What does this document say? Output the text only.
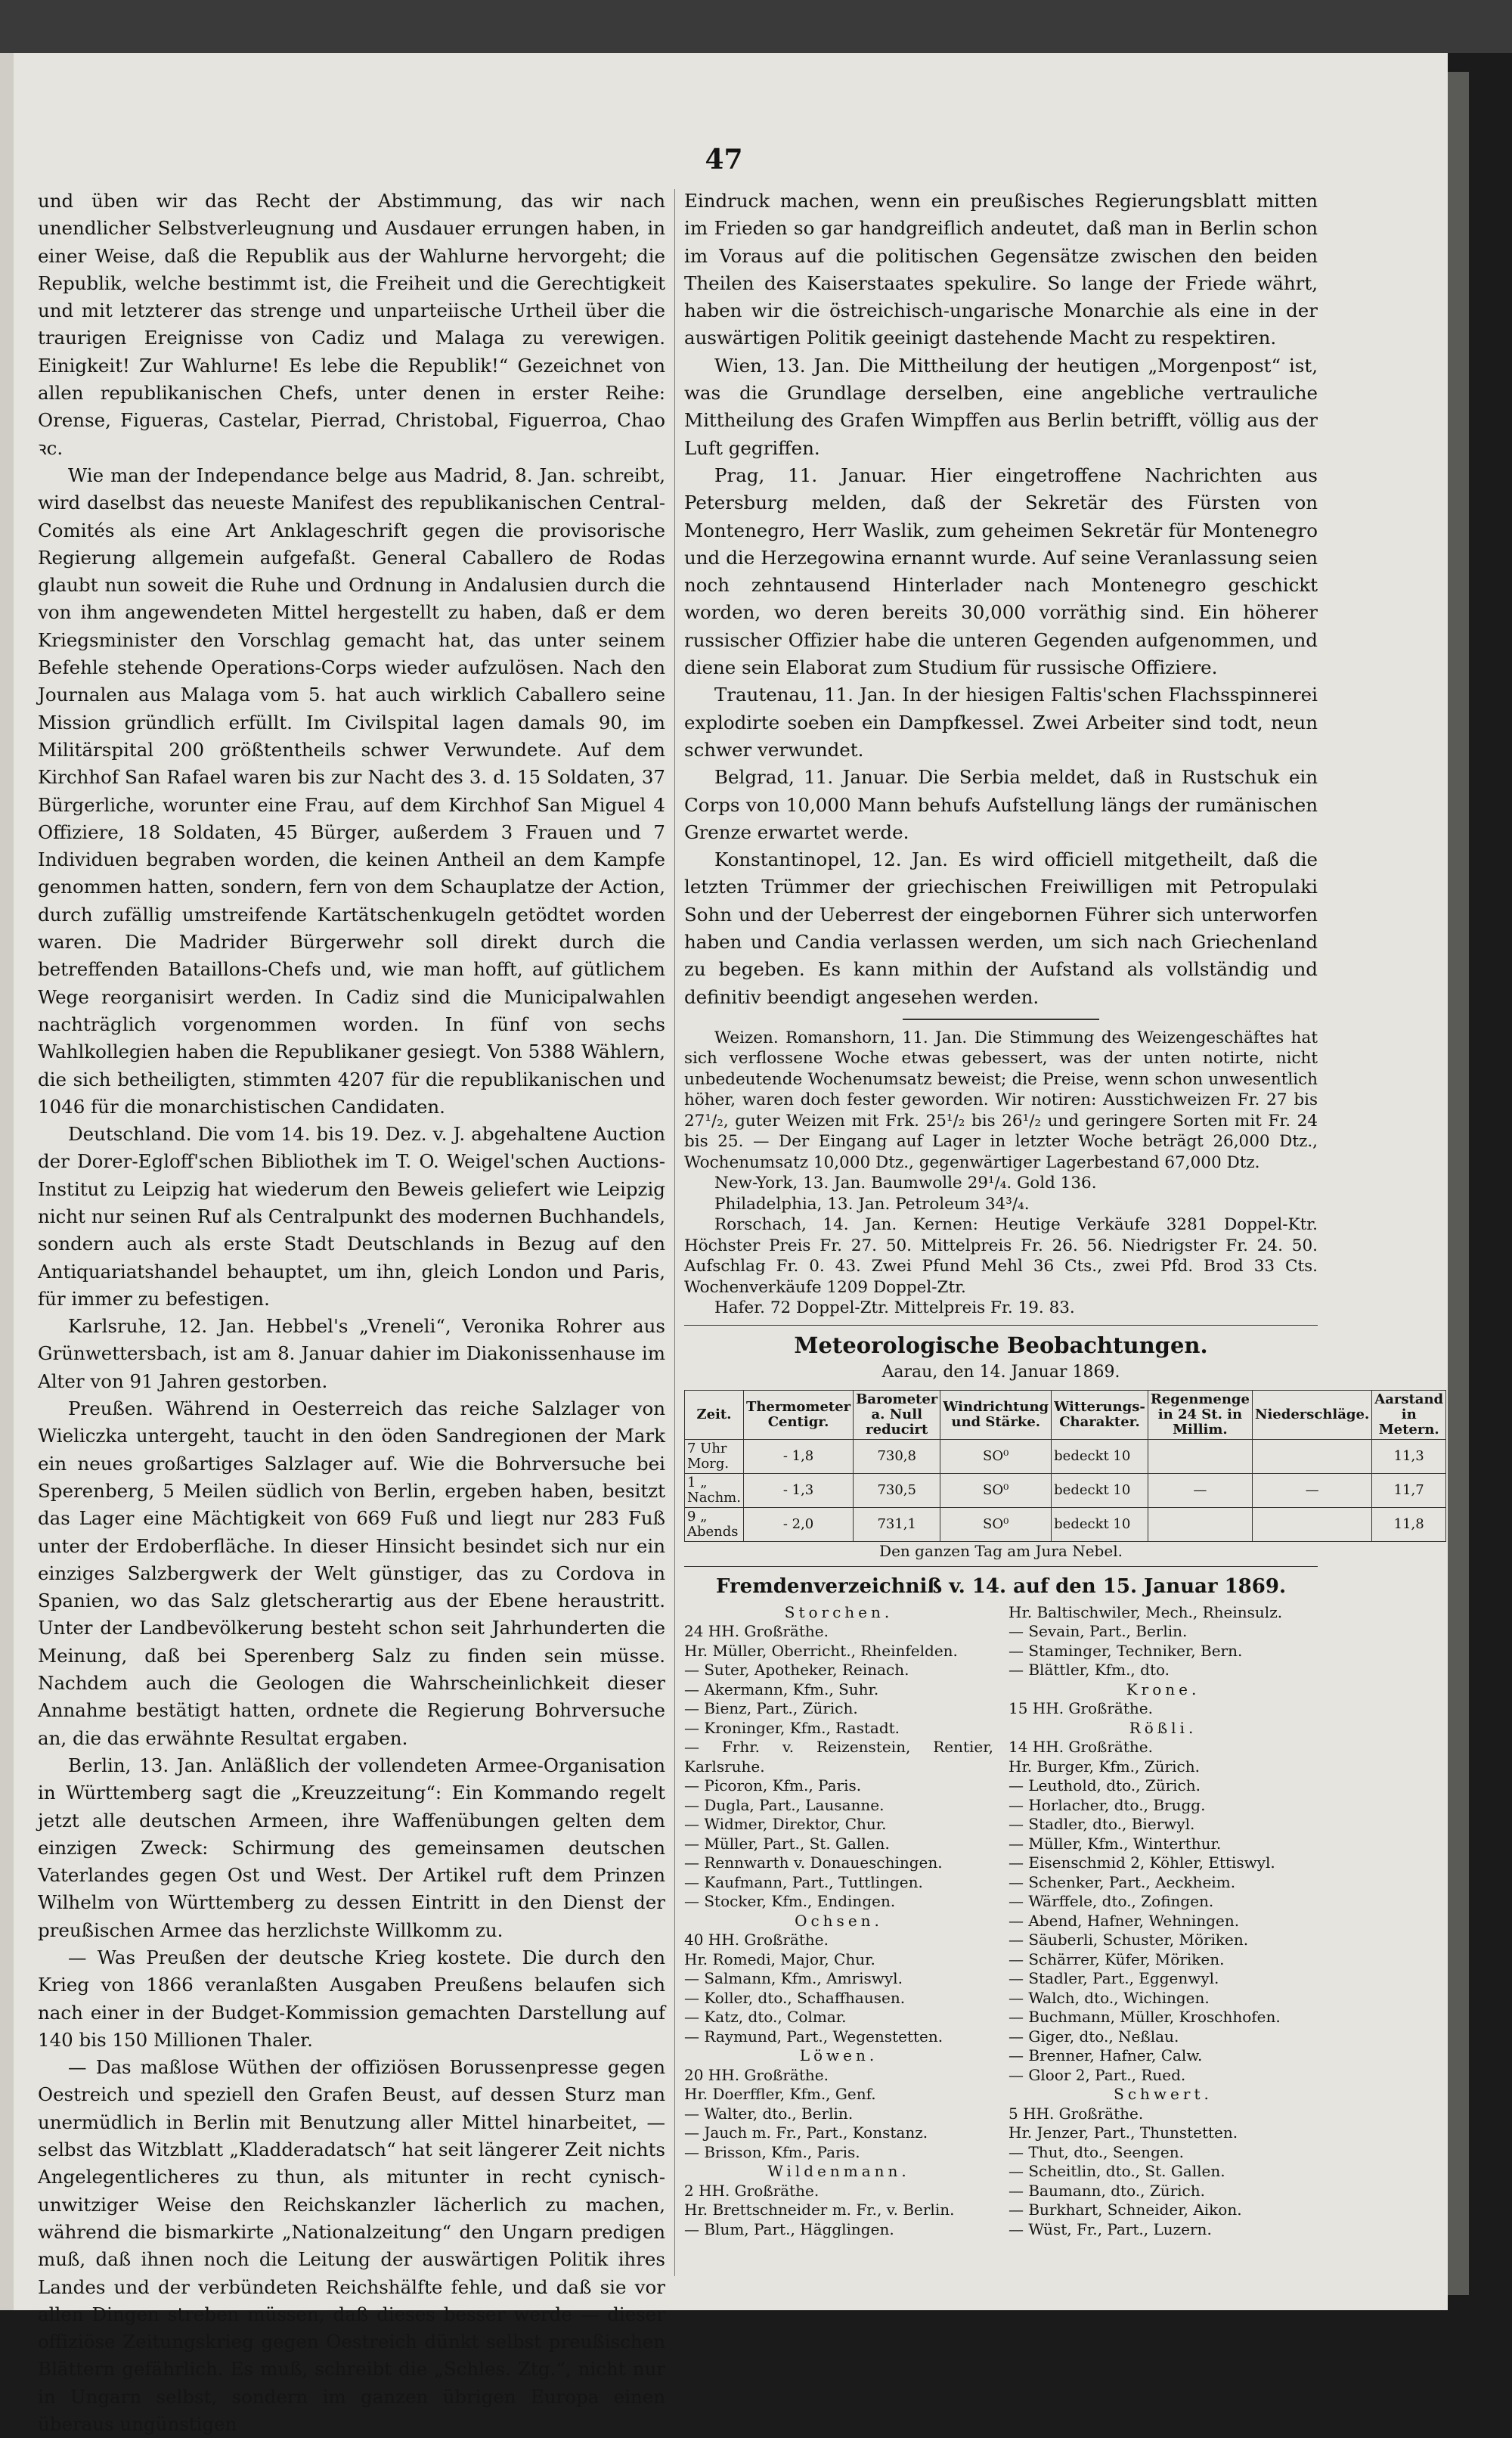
47

und üben wir das Recht der Abstimmung, das wir nach unendlicher Selbstverleugnung und Ausdauer errungen haben, in einer Weise, daß die Republik aus der Wahlurne hervorgeht; die Republik, welche bestimmt ist, die Freiheit und die Gerechtigkeit und mit letzterer das strenge und unparteiische Urtheil über die traurigen Ereignisse von Cadiz und Malaga zu verewigen. Einigkeit! Zur Wahlurne! Es lebe die Republik!“ Gezeichnet von allen republikanischen Chefs, unter denen in erster Reihe: Orense, Figueras, Castelar, Pierrad, Christobal, Figuerroa, Chao ꝛc.

Wie man der Independance belge aus Madrid, 8. Jan. schreibt, wird daselbst das neueste Manifest des republikanischen Central-Comités als eine Art Anklageschrift gegen die provisorische Regierung allgemein aufgefaßt. General Caballero de Rodas glaubt nun soweit die Ruhe und Ordnung in Andalusien durch die von ihm angewendeten Mittel hergestellt zu haben, daß er dem Kriegsminister den Vorschlag gemacht hat, das unter seinem Befehle stehende Operations-Corps wieder aufzulösen. Nach den Journalen aus Malaga vom 5. hat auch wirklich Caballero seine Mission gründlich erfüllt. Im Civilspital lagen damals 90, im Militärspital 200 größtentheils schwer Verwundete. Auf dem Kirchhof San Rafael waren bis zur Nacht des 3. d. 15 Soldaten, 37 Bürgerliche, worunter eine Frau, auf dem Kirchhof San Miguel 4 Offiziere, 18 Soldaten, 45 Bürger, außerdem 3 Frauen und 7 Individuen begraben worden, die keinen Antheil an dem Kampfe genommen hatten, sondern, fern von dem Schauplatze der Action, durch zufällig umstreifende Kartätschenkugeln getödtet worden waren. Die Madrider Bürgerwehr soll direkt durch die betreffenden Bataillons-Chefs und, wie man hofft, auf gütlichem Wege reorganisirt werden. In Cadiz sind die Municipalwahlen nachträglich vorgenommen worden. In fünf von sechs Wahlkollegien haben die Republikaner gesiegt. Von 5388 Wählern, die sich betheiligten, stimmten 4207 für die republikanischen und 1046 für die monarchistischen Candidaten.

Deutschland. Die vom 14. bis 19. Dez. v. J. abgehaltene Auction der Dorer-Egloff'schen Bibliothek im T. O. Weigel'schen Auctions-Institut zu Leipzig hat wiederum den Beweis geliefert wie Leipzig nicht nur seinen Ruf als Centralpunkt des modernen Buchhandels, sondern auch als erste Stadt Deutschlands in Bezug auf den Antiquariatshandel behauptet, um ihn, gleich London und Paris, für immer zu befestigen.

Karlsruhe, 12. Jan. Hebbel's „Vreneli“, Veronika Rohrer aus Grünwettersbach, ist am 8. Januar dahier im Diakonissenhause im Alter von 91 Jahren gestorben.

Preußen. Während in Oesterreich das reiche Salzlager von Wieliczka untergeht, taucht in den öden Sandregionen der Mark ein neues großartiges Salzlager auf. Wie die Bohrversuche bei Sperenberg, 5 Meilen südlich von Berlin, ergeben haben, besitzt das Lager eine Mächtigkeit von 669 Fuß und liegt nur 283 Fuß unter der Erdoberfläche. In dieser Hinsicht besindet sich nur ein einziges Salzbergwerk der Welt günstiger, das zu Cordova in Spanien, wo das Salz gletscherartig aus der Ebene heraustritt. Unter der Landbevölkerung besteht schon seit Jahrhunderten die Meinung, daß bei Sperenberg Salz zu finden sein müsse. Nachdem auch die Geologen die Wahrscheinlichkeit dieser Annahme bestätigt hatten, ordnete die Regierung Bohrversuche an, die das erwähnte Resultat ergaben.

Berlin, 13. Jan. Anläßlich der vollendeten Armee-Organisation in Württemberg sagt die „Kreuzzeitung“: Ein Kommando regelt jetzt alle deutschen Armeen, ihre Waffenübungen gelten dem einzigen Zweck: Schirmung des gemeinsamen deutschen Vaterlandes gegen Ost und West. Der Artikel ruft dem Prinzen Wilhelm von Württemberg zu dessen Eintritt in den Dienst der preußischen Armee das herzlichste Willkomm zu.

— Was Preußen der deutsche Krieg kostete. Die durch den Krieg von 1866 veranlaßten Ausgaben Preußens belaufen sich nach einer in der Budget-Kommission gemachten Darstellung auf 140 bis 150 Millionen Thaler.

— Das maßlose Wüthen der offiziösen Borussenpresse gegen Oestreich und speziell den Grafen Beust, auf dessen Sturz man unermüdlich in Berlin mit Benutzung aller Mittel hinarbeitet, — selbst das Witzblatt „Kladderadatsch“ hat seit längerer Zeit nichts Angelegentlicheres zu thun, als mitunter in recht cynisch-unwitziger Weise den Reichskanzler lächerlich zu machen, während die bismarkirte „Nationalzeitung“ den Ungarn predigen muß, daß ihnen noch die Leitung der auswärtigen Politik ihres Landes und der verbündeten Reichshälfte fehle, und daß sie vor allen Dingen streben müssen, daß dieses besser werde — dieser offiziöse Zeitungskrieg gegen Oestreich dünkt selbst preußischen Blättern gefährlich. Es muß, schreibt die „Schles. Ztg.“, nicht nur in Ungarn selbst, sondern im ganzen übrigen Europa einen überaus ungünstigen

Eindruck machen, wenn ein preußisches Regierungsblatt mitten im Frieden so gar handgreiflich andeutet, daß man in Berlin schon im Voraus auf die politischen Gegensätze zwischen den beiden Theilen des Kaiserstaates spekulire. So lange der Friede währt, haben wir die östreichisch-ungarische Monarchie als eine in der auswärtigen Politik geeinigt dastehende Macht zu respektiren.

Wien, 13. Jan. Die Mittheilung der heutigen „Morgenpost“ ist, was die Grundlage derselben, eine angebliche vertrauliche Mittheilung des Grafen Wimpffen aus Berlin betrifft, völlig aus der Luft gegriffen.

Prag, 11. Januar. Hier eingetroffene Nachrichten aus Petersburg melden, daß der Sekretär des Fürsten von Montenegro, Herr Waslik, zum geheimen Sekretär für Montenegro und die Herzegowina ernannt wurde. Auf seine Veranlassung seien noch zehntausend Hinterlader nach Montenegro geschickt worden, wo deren bereits 30,000 vorräthig sind. Ein höherer russischer Offizier habe die unteren Gegenden aufgenommen, und diene sein Elaborat zum Studium für russische Offiziere.

Trautenau, 11. Jan. In der hiesigen Faltis'schen Flachsspinnerei explodirte soeben ein Dampfkessel. Zwei Arbeiter sind todt, neun schwer verwundet.

Belgrad, 11. Januar. Die Serbia meldet, daß in Rustschuk ein Corps von 10,000 Mann behufs Aufstellung längs der rumänischen Grenze erwartet werde.

Konstantinopel, 12. Jan. Es wird officiell mitgetheilt, daß die letzten Trümmer der griechischen Freiwilligen mit Petropulaki Sohn und der Ueberrest der eingebornen Führer sich unterworfen haben und Candia verlassen werden, um sich nach Griechenland zu begeben. Es kann mithin der Aufstand als vollständig und definitiv beendigt angesehen werden.

Weizen. Romanshorn, 11. Jan. Die Stimmung des Weizengeschäftes hat sich verflossene Woche etwas gebessert, was der unten notirte, nicht unbedeutende Wochenumsatz beweist; die Preise, wenn schon unwesentlich höher, waren doch fester geworden. Wir notiren: Ausstichweizen Fr. 27 bis 27¹/₂, guter Weizen mit Frk. 25¹/₂ bis 26¹/₂ und geringere Sorten mit Fr. 24 bis 25. — Der Eingang auf Lager in letzter Woche beträgt 26,000 Dtz., Wochenumsatz 10,000 Dtz., gegenwärtiger Lagerbestand 67,000 Dtz.

New-York, 13. Jan. Baumwolle 29¹/₄. Gold 136.

Philadelphia, 13. Jan. Petroleum 34³/₄.

Rorschach, 14. Jan. Kernen: Heutige Verkäufe 3281 Doppel-Ktr. Höchster Preis Fr. 27. 50. Mittelpreis Fr. 26. 56. Niedrigster Fr. 24. 50. Aufschlag Fr. 0. 43. Zwei Pfund Mehl 36 Cts., zwei Pfd. Brod 33 Cts. Wochenverkäufe 1209 Doppel-Ztr.

Hafer. 72 Doppel-Ztr. Mittelpreis Fr. 19. 83.

Meteorologische Beobachtungen.
Aarau, den 14. Januar 1869.
Zeit.	Thermometer Centigr.	Barometer a. Null reducirt	Windrichtung und Stärke.	Witterungs-Charakter.	Regenmenge in 24 St. in Millim.	Niederschläge.	Aarstand in Metern.
7 Uhr Morg.	- 1,8	730,8	SO⁰	bedeckt 10			11,3
1 „ Nachm.	- 1,3	730,5	SO⁰	bedeckt 10	—	—	11,7
9 „ Abends	- 2,0	731,1	SO⁰	bedeckt 10			11,8
Den ganzen Tag am Jura Nebel.
Fremdenverzeichniß v. 14. auf den 15. Januar 1869.
Storchen.
24 HH. Großräthe.
Hr. Müller, Oberricht., Rheinfelden.
— Suter, Apotheker, Reinach.
— Akermann, Kfm., Suhr.
— Bienz, Part., Zürich.
— Kroninger, Kfm., Rastadt.
— Frhr. v. Reizenstein, Rentier, Karlsruhe.
— Picoron, Kfm., Paris.
— Dugla, Part., Lausanne.
— Widmer, Direktor, Chur.
— Müller, Part., St. Gallen.
— Rennwarth v. Donaueschingen.
— Kaufmann, Part., Tuttlingen.
— Stocker, Kfm., Endingen.
Ochsen.
40 HH. Großräthe.
Hr. Romedi, Major, Chur.
— Salmann, Kfm., Amriswyl.
— Koller, dto., Schaffhausen.
— Katz, dto., Colmar.
— Raymund, Part., Wegenstetten.
Löwen.
20 HH. Großräthe.
Hr. Doerffler, Kfm., Genf.
— Walter, dto., Berlin.
— Jauch m. Fr., Part., Konstanz.
— Brisson, Kfm., Paris.
Wildenmann.
2 HH. Großräthe.
Hr. Brettschneider m. Fr., v. Berlin.
— Blum, Part., Hägglingen.
Hr. Baltischwiler, Mech., Rheinsulz.
— Sevain, Part., Berlin.
— Staminger, Techniker, Bern.
— Blättler, Kfm., dto.
Krone.
15 HH. Großräthe.
Rößli.
14 HH. Großräthe.
Hr. Burger, Kfm., Zürich.
— Leuthold, dto., Zürich.
— Horlacher, dto., Brugg.
— Stadler, dto., Bierwyl.
— Müller, Kfm., Winterthur.
— Eisenschmid 2, Köhler, Ettiswyl.
— Schenker, Part., Aeckheim.
— Wärffele, dto., Zofingen.
— Abend, Hafner, Wehningen.
— Säuberli, Schuster, Möriken.
— Schärrer, Küfer, Möriken.
— Stadler, Part., Eggenwyl.
— Walch, dto., Wichingen.
— Buchmann, Müller, Kroschhofen.
— Giger, dto., Neßlau.
— Brenner, Hafner, Calw.
— Gloor 2, Part., Rued.
Schwert.
5 HH. Großräthe.
Hr. Jenzer, Part., Thunstetten.
— Thut, dto., Seengen.
— Scheitlin, dto., St. Gallen.
— Baumann, dto., Zürich.
— Burkhart, Schneider, Aikon.
— Wüst, Fr., Part., Luzern.
